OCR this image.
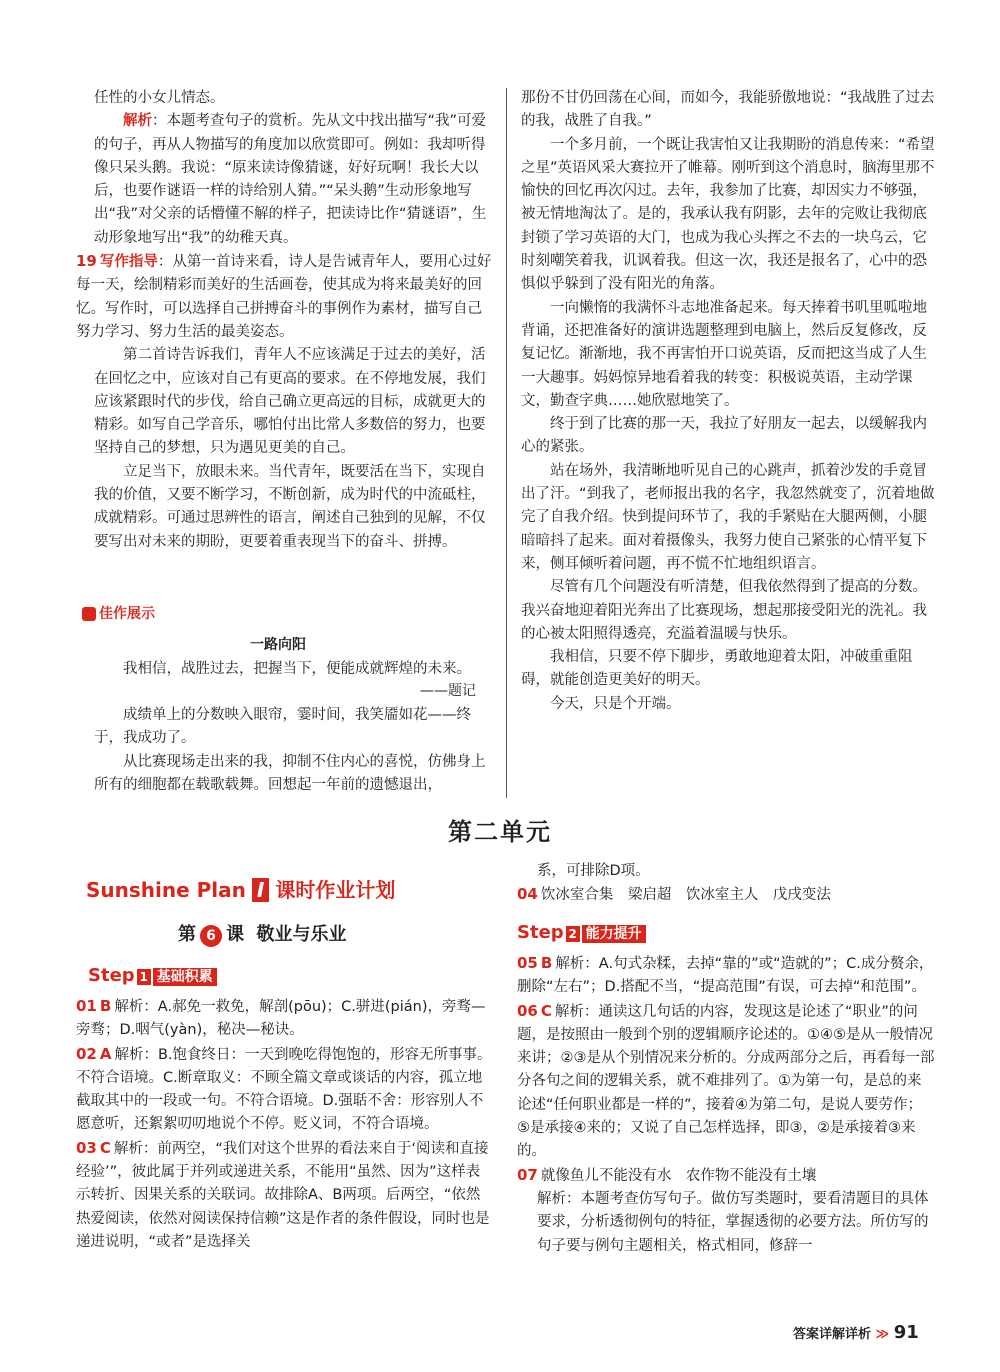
任性的小女儿情态。

解析：本题考查句子的赏析。先从文中找出描写“我”可爱的句子，再从人物描写的角度加以欣赏即可。例如：我却听得像只呆头鹅。我说：“原来读诗像猜谜，好好玩啊！我长大以后，也要作谜语一样的诗给别人猜。”“呆头鹅”生动形象地写出“我”对父亲的话懵懂不解的样子，把读诗比作“猜谜语”，生动形象地写出“我”的幼稚天真。

19 写作指导：从第一首诗来看，诗人是告诫青年人，要用心过好每一天，绘制精彩而美好的生活画卷，使其成为将来最美好的回忆。写作时，可以选择自己拼搏奋斗的事例作为素材，描写自己努力学习、努力生活的最美姿态。

第二首诗告诉我们，青年人不应该满足于过去的美好，活在回忆之中，应该对自己有更高的要求。在不停地发展，我们应该紧跟时代的步伐，给自己确立更高远的目标，成就更大的精彩。如写自己学音乐，哪怕付出比常人多数倍的努力，也要坚持自己的梦想，只为遇见更美的自己。

立足当下，放眼未来。当代青年，既要活在当下，实现自我的价值，又要不断学习，不断创新，成为时代的中流砥柱，成就精彩。可通过思辨性的语言，阐述自己独到的见解，不仅要写出对未来的期盼，更要着重表现当下的奋斗、拼搏。

佳作展示
一路向阳

我相信，战胜过去，把握当下，便能成就辉煌的未来。

——题记

成绩单上的分数映入眼帘，霎时间，我笑靥如花——终于，我成功了。

从比赛现场走出来的我，抑制不住内心的喜悦，仿佛身上所有的细胞都在载歌载舞。回想起一年前的遗憾退出，

那份不甘仍回荡在心间，而如今，我能骄傲地说：“我战胜了过去的我，战胜了自我。”

一个多月前，一个既让我害怕又让我期盼的消息传来：“希望之星”英语风采大赛拉开了帷幕。刚听到这个消息时，脑海里那不愉快的回忆再次闪过。去年，我参加了比赛，却因实力不够强，被无情地淘汰了。是的，我承认我有阴影，去年的完败让我彻底封锁了学习英语的大门，也成为我心头挥之不去的一块乌云，它时刻嘲笑着我，讥讽着我。但这一次，我还是报名了，心中的恐惧似乎躲到了没有阳光的角落。

一向懒惰的我满怀斗志地准备起来。每天捧着书叽里呱啦地背诵，还把准备好的演讲选题整理到电脑上，然后反复修改，反复记忆。渐渐地，我不再害怕开口说英语，反而把这当成了人生一大趣事。妈妈惊异地看着我的转变：积极说英语，主动学课文，勤查字典……她欣慰地笑了。

终于到了比赛的那一天，我拉了好朋友一起去，以缓解我内心的紧张。

站在场外，我清晰地听见自己的心跳声，抓着沙发的手竟冒出了汗。“到我了，老师报出我的名字，我忽然就变了，沉着地做完了自我介绍。快到提问环节了，我的手紧贴在大腿两侧，小腿暗暗抖了起来。面对着摄像头，我努力使自己紧张的心情平复下来，侧耳倾听着问题，再不慌不忙地组织语言。

尽管有几个问题没有听清楚，但我依然得到了提高的分数。我兴奋地迎着阳光奔出了比赛现场，想起那接受阳光的洗礼。我的心被太阳照得透亮，充溢着温暖与快乐。

我相信，只要不停下脚步，勇敢地迎着太阳，冲破重重阻碍，就能创造更美好的明天。

今天，只是个开端。

第二单元
Sunshine Plan I 课时作业计划
第 6 课 敬业与乐业
Step 1 基础积累

01 B 解析：A.郝免一救免，解剖(pōu)；C.骈进(pián)，旁骛—旁骛；D.咽气(yàn)，秘决—秘诀。

02 A 解析：B.饱食终日：一天到晚吃得饱饱的，形容无所事事。不符合语境。C.断章取义：不顾全篇文章或谈话的内容，孤立地截取其中的一段或一句。不符合语境。D.强聒不舍：形容别人不愿意听，还絮絮叨叨地说个不停。贬义词，不符合语境。

03 C 解析：前两空，“我们对这个世界的看法来自于‘阅读和直接经验’”，彼此属于并列或递进关系，不能用“虽然、因为”这样表示转折、因果关系的关联词。故排除A、B两项。后两空，“依然热爱阅读，依然对阅读保持信赖”这是作者的条件假设，同时也是递进说明，“或者”是选择关

系，可排除D项。

04 饮冰室合集　梁启超　饮冰室主人　戊戌变法

Step 2 能力提升

05 B 解析：A.句式杂糅，去掉“靠的”或“造就的”；C.成分赘余，删除“左右”；D.搭配不当，“提高范围”有误，可去掉“和范围”。

06 C 解析：通读这几句话的内容，发现这是论述了“职业”的问题，是按照由一般到个别的逻辑顺序论述的。①④⑤是从一般情况来讲；②③是从个别情况来分析的。分成两部分之后，再看每一部分各句之间的逻辑关系，就不难排列了。①为第一句，是总的来论述“任何职业都是一样的”，接着④为第二句，是说人要劳作；⑤是承接④来的；又说了自己怎样选择，即③，②是承接着③来的。

07 就像鱼儿不能没有水　农作物不能没有土壤

解析：本题考查仿写句子。做仿写类题时，要看清题目的具体要求，分析透彻例句的特征，掌握透彻的必要方法。所仿写的句子要与例句主题相关，格式相同，修辞一

答案详解详析 ≫ 91
